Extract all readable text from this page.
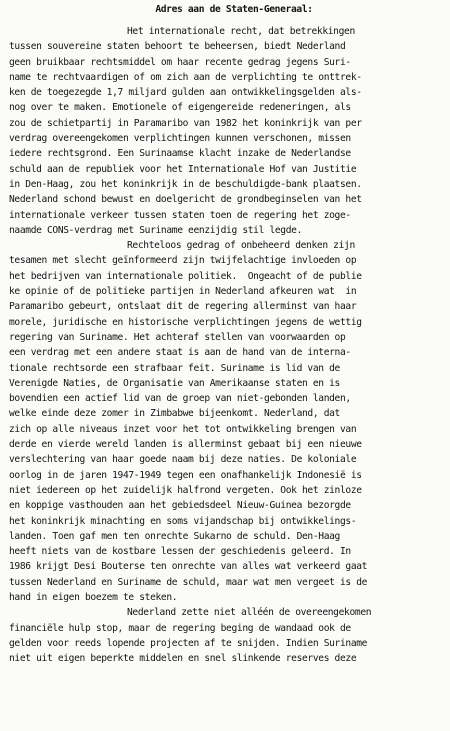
Adres aan de Staten-Generaal:
Het internationale recht, dat betrekkingen
tussen souvereine staten behoort te beheersen, biedt Nederland
geen bruikbaar rechtsmiddel om haar recente gedrag jegens Suri-
name te rechtvaardigen of om zich aan de verplichting te onttrek-
ken de toegezegde 1,7 miljard gulden aan ontwikkelingsgelden als-
nog over te maken. Emotionele of eigengereide redeneringen, als
zou de schietpartij in Paramaribo van 1982 het koninkrijk van per
verdrag overeengekomen verplichtingen kunnen verschonen, missen
iedere rechtsgrond. Een Surinaamse klacht inzake de Nederlandse
schuld aan de republiek voor het Internationale Hof van Justitie
in Den-Haag, zou het koninkrijk in de beschuldigde-bank plaatsen.
Nederland schond bewust en doelgericht de grondbeginselen van het
internationale verkeer tussen staten toen de regering het zoge-
naamde CONS-verdrag met Suriname eenzijdig stil legde.
Rechteloos gedrag of onbeheerd denken zijn
tesamen met slecht geïnformeerd zijn twijfelachtige invloeden op
het bedrijven van internationale politiek.  Ongeacht of de publie
ke opinie of de politieke partijen in Nederland afkeuren wat  in
Paramaribo gebeurt, ontslaat dit de regering allerminst van haar
morele, juridische en historische verplichtingen jegens de wettig
regering van Suriname. Het achteraf stellen van voorwaarden op
een verdrag met een andere staat is aan de hand van de interna-
tionale rechtsorde een strafbaar feit. Suriname is lid van de
Verenigde Naties, de Organisatie van Amerikaanse staten en is
bovendien een actief lid van de groep van niet-gebonden landen,
welke einde deze zomer in Zimbabwe bijeenkomt. Nederland, dat
zich op alle niveaus inzet voor het tot ontwikkeling brengen van
derde en vierde wereld landen is allerminst gebaat bij een nieuwe
verslechtering van haar goede naam bij deze naties. De koloniale
oorlog in de jaren 1947-1949 tegen een onafhankelijk Indonesië is
niet iedereen op het zuidelijk halfrond vergeten. Ook het zinloze
en koppige vasthouden aan het gebiedsdeel Nieuw-Guinea bezorgde
het koninkrijk minachting en soms vijandschap bij ontwikkelings-
landen. Toen gaf men ten onrechte Sukarno de schuld. Den-Haag
heeft niets van de kostbare lessen der geschiedenis geleerd. In
1986 krijgt Desi Bouterse ten onrechte van alles wat verkeerd gaat
tussen Nederland en Suriname de schuld, maar wat men vergeet is de
hand in eigen boezem te steken.
Nederland zette niet alléén de overeengekomen
financiële hulp stop, maar de regering beging de wandaad ook de
gelden voor reeds lopende projecten af te snijden. Indien Suriname
niet uit eigen beperkte middelen en snel slinkende reserves deze
